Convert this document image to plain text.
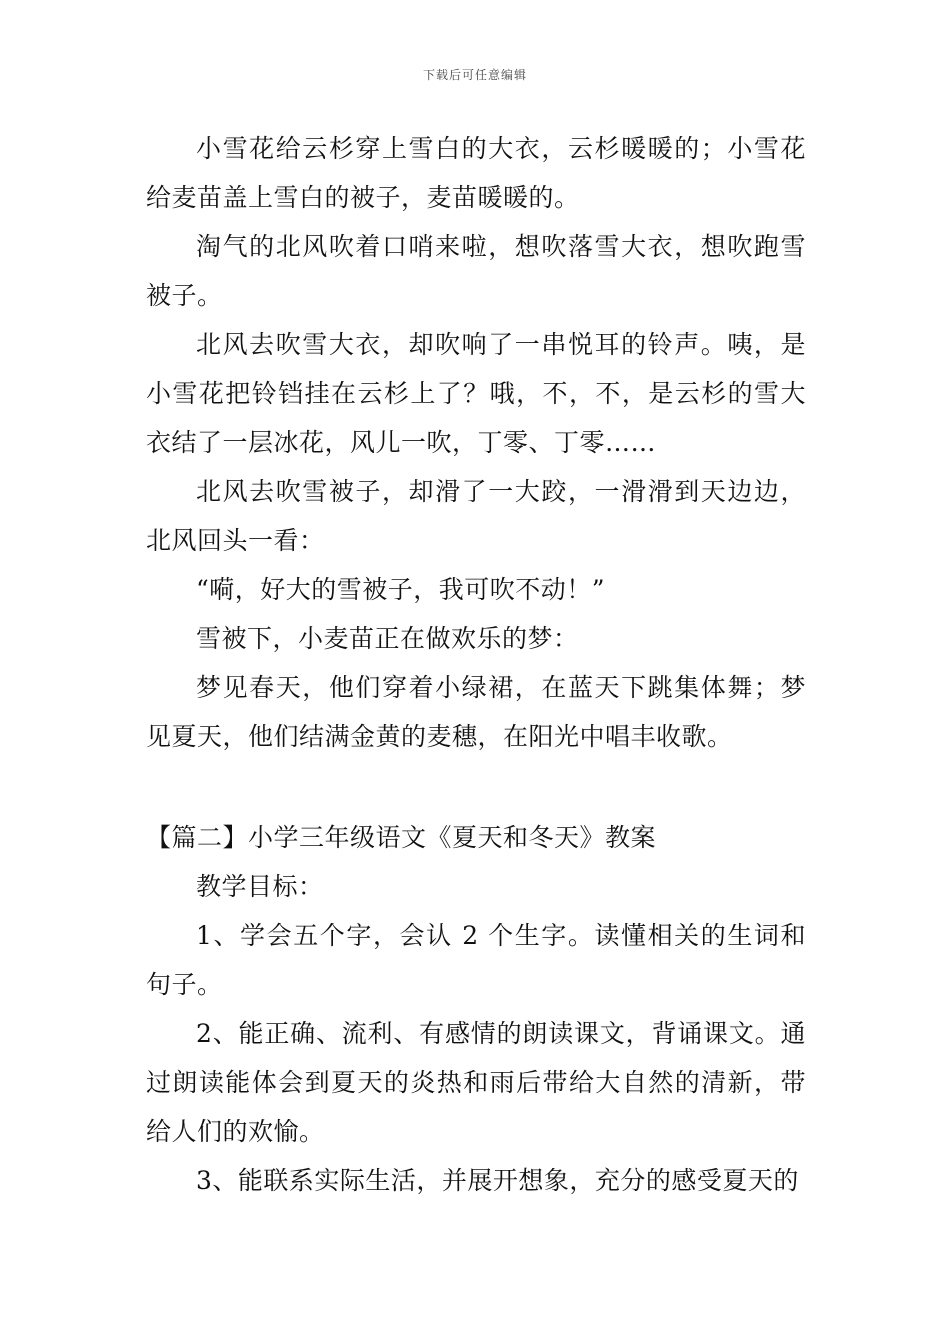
下载后可任意编辑

小雪花给云杉穿上雪白的大衣，云杉暖暖的；小雪花给麦苗盖上雪白的被子，麦苗暖暖的。

淘气的北风吹着口哨来啦，想吹落雪大衣，想吹跑雪被子。

北风去吹雪大衣，却吹响了一串悦耳的铃声。咦，是小雪花把铃铛挂在云杉上了？哦，不，不，是云杉的雪大衣结了一层冰花，风儿一吹，丁零、丁零……

北风去吹雪被子，却滑了一大跤，一滑滑到天边边，北风回头一看：

“嗬，好大的雪被子，我可吹不动！”

雪被下，小麦苗正在做欢乐的梦：

梦见春天，他们穿着小绿裙，在蓝天下跳集体舞；梦见夏天，他们结满金黄的麦穗，在阳光中唱丰收歌。

【篇二】小学三年级语文《夏天和冬天》教案

教学目标：

1、学会五个字，会认 2 个生字。读懂相关的生词和句子。

2、能正确、流利、有感情的朗读课文，背诵课文。通过朗读能体会到夏天的炎热和雨后带给大自然的清新，带给人们的欢愉。

3、能联系实际生活，并展开想象，充分的感受夏天的
